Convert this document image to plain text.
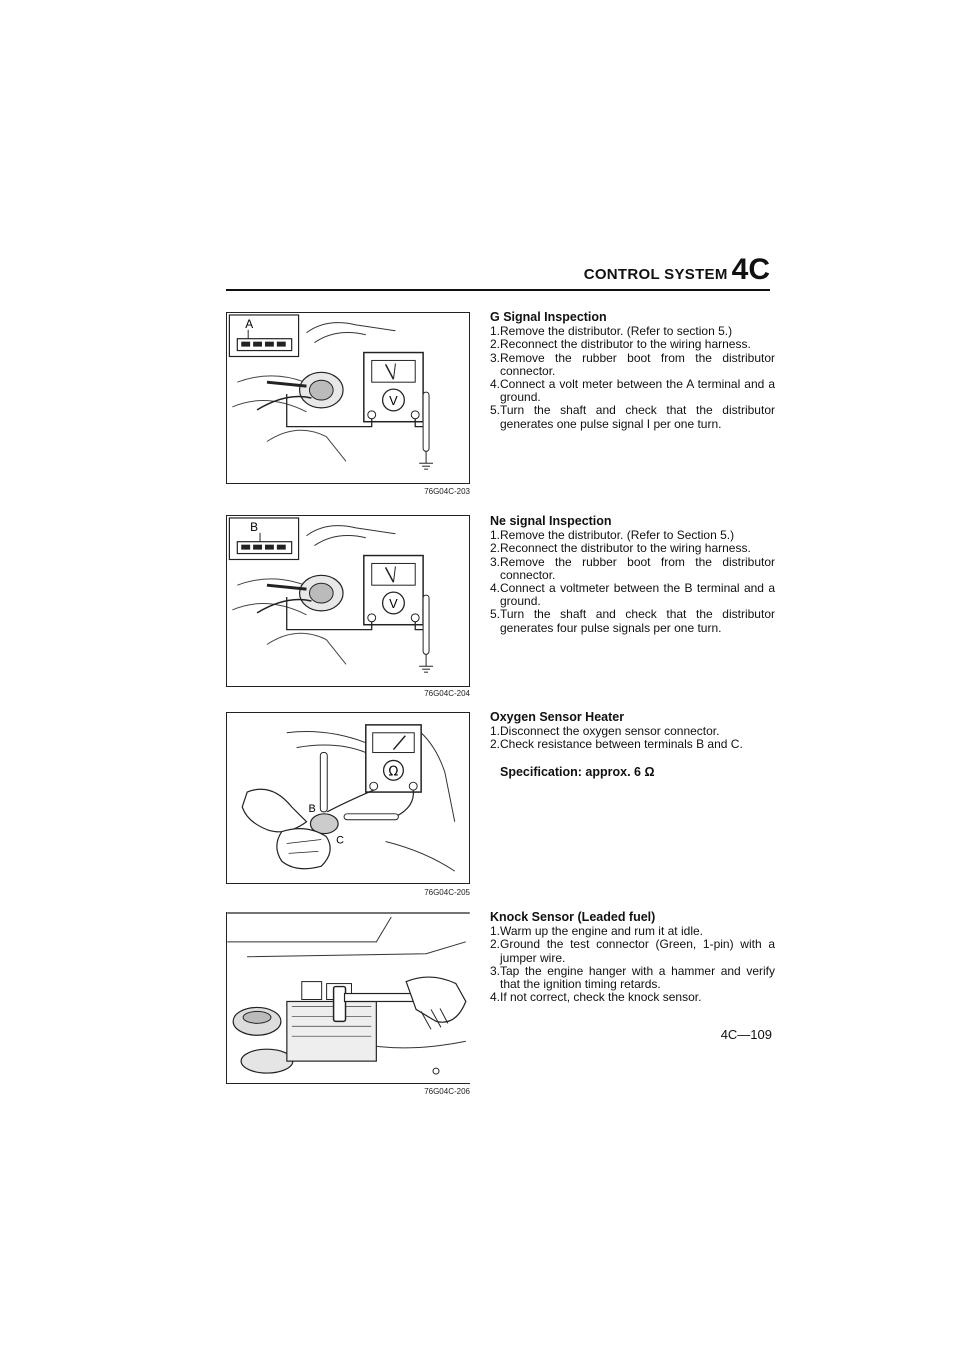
CONTROL SYSTEM 4C
A
V
76G04C-203
B
V
76G04C-204
Ω
B
C
76G04C-205
76G04C-206
G Signal Inspection
1. Remove the distributor. (Refer to section 5.)
2. Reconnect the distributor to the wiring harness.
3. Remove the rubber boot from the distributor connector.
4. Connect a volt meter between the A terminal and a ground.
5. Turn the shaft and check that the distributor generates one pulse signal I per one turn.
Ne signal Inspection
1. Remove the distributor. (Refer to Section 5.)
2. Reconnect the distributor to the wiring harness.
3. Remove the rubber boot from the distributor connector.
4. Connect a voltmeter between the B terminal and a ground.
5. Turn the shaft and check that the distributor generates four pulse signals per one turn.
Oxygen Sensor Heater
1. Disconnect the oxygen sensor connector.
2. Check resistance between terminals B and C.
Specification: approx. 6 Ω
Knock Sensor (Leaded fuel)
1. Warm up the engine and rum it at idle.
2. Ground the test connector (Green, 1-pin) with a jumper wire.
3. Tap the engine hanger with a hammer and verify that the ignition timing retards.
4. If not correct, check the knock sensor.
4C—109
